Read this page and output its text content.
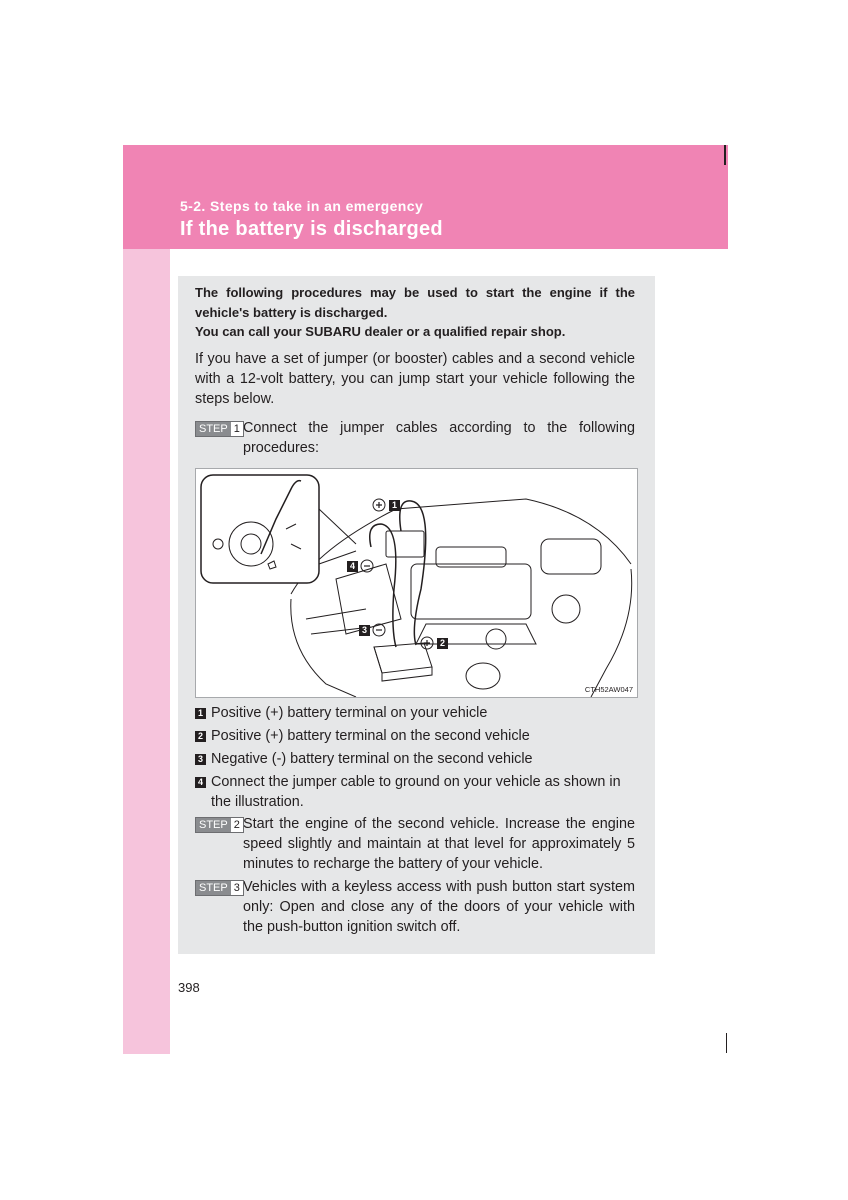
5-2. Steps to take in an emergency
If the battery is discharged

The following procedures may be used to start the engine if the vehicle's battery is discharged.

You can call your SUBARU dealer or a qualified repair shop.

If you have a set of jumper (or booster) cables and a second vehicle with a 12-volt battery, you can jump start your vehicle following the steps below.

STEP 1 Connect the jumper cables according to the following procedures:

1
4
3
2
CTH52AW047
1 Positive (+) battery terminal on your vehicle
2 Positive (+) battery terminal on the second vehicle
3 Negative (-) battery terminal on the second vehicle
4 Connect the jumper cable to ground on your vehicle as shown in the illustration.
STEP 2 Start the engine of the second vehicle. Increase the engine speed slightly and maintain at that level for approximately 5 minutes to recharge the battery of your vehicle.

STEP 3 Vehicles with a keyless access with push button start system only: Open and close any of the doors of your vehicle with the push-button ignition switch off.

398
